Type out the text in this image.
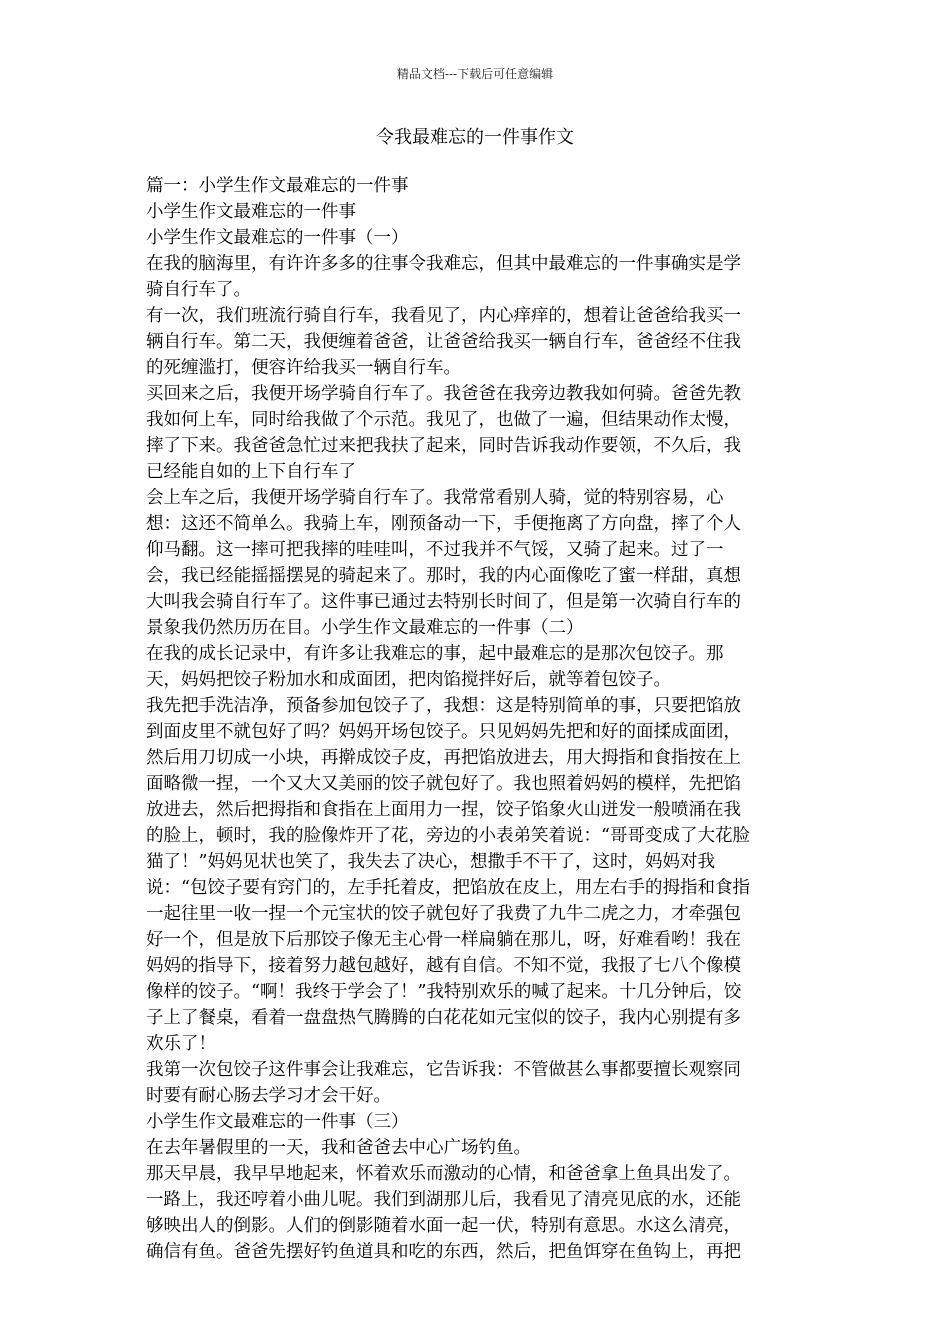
精品文档---下载后可任意编辑
令我最难忘的一件事作文
篇一：小学生作文最难忘的一件事
小学生作文最难忘的一件事
小学生作文最难忘的一件事（一）
在我的脑海里，有许许多多的往事令我难忘，但其中最难忘的一件事确实是学
骑自行车了。
有一次，我们班流行骑自行车，我看见了，内心痒痒的，想着让爸爸给我买一
辆自行车。第二天，我便缠着爸爸，让爸爸给我买一辆自行车，爸爸经不住我
的死缠滥打，便容许给我买一辆自行车。
买回来之后，我便开场学骑自行车了。我爸爸在我旁边教我如何骑。爸爸先教
我如何上车，同时给我做了个示范。我见了，也做了一遍，但结果动作太慢，
摔了下来。我爸爸急忙过来把我扶了起来，同时告诉我动作要领，不久后，我
已经能自如的上下自行车了
会上车之后，我便开场学骑自行车了。我常常看别人骑，觉的特别容易，心
想：这还不简单么。我骑上车，刚预备动一下，手便拖离了方向盘，摔了个人
仰马翻。这一摔可把我摔的哇哇叫，不过我并不气馁，又骑了起来。过了一
会，我已经能摇摇摆晃的骑起来了。那时，我的内心面像吃了蜜一样甜，真想
大叫我会骑自行车了。这件事已通过去特别长时间了，但是第一次骑自行车的
景象我仍然历历在目。小学生作文最难忘的一件事（二）
在我的成长记录中，有许多让我难忘的事，起中最难忘的是那次包饺子。那
天，妈妈把饺子粉加水和成面团，把肉馅搅拌好后，就等着包饺子。
我先把手洗洁净，预备参加包饺子了，我想：这是特别简单的事，只要把馅放
到面皮里不就包好了吗？妈妈开场包饺子。只见妈妈先把和好的面揉成面团，
然后用刀切成一小块，再擀成饺子皮，再把馅放进去，用大拇指和食指按在上
面略微一捏，一个又大又美丽的饺子就包好了。我也照着妈妈的模样，先把馅
放进去，然后把拇指和食指在上面用力一捏，饺子馅象火山迸发一般喷涌在我
的脸上，顿时，我的脸像炸开了花，旁边的小表弟笑着说：“哥哥变成了大花脸
猫了！”妈妈见状也笑了，我失去了决心，想撒手不干了，这时，妈妈对我
说：“包饺子要有窍门的，左手托着皮，把馅放在皮上，用左右手的拇指和食指
一起往里一收一捏一个元宝状的饺子就包好了我费了九牛二虎之力，才牵强包
好一个，但是放下后那饺子像无主心骨一样扁躺在那儿，呀，好难看哟！我在
妈妈的指导下，接着努力越包越好，越有自信。不知不觉，我报了七八个像模
像样的饺子。“啊！我终于学会了！”我特别欢乐的喊了起来。十几分钟后，饺
子上了餐桌，看着一盘盘热气腾腾的白花花如元宝似的饺子，我内心别提有多
欢乐了！
我第一次包饺子这件事会让我难忘，它告诉我：不管做甚么事都要擅长观察同
时要有耐心肠去学习才会干好。
小学生作文最难忘的一件事（三）
在去年暑假里的一天，我和爸爸去中心广场钓鱼。
那天早晨，我早早地起来，怀着欢乐而激动的心情，和爸爸拿上鱼具出发了。
一路上，我还哼着小曲儿呢。我们到湖那儿后，我看见了清亮见底的水，还能
够映出人的倒影。人们的倒影随着水面一起一伏，特别有意思。水这么清亮，
确信有鱼。爸爸先摆好钓鱼道具和吃的东西，然后，把鱼饵穿在鱼钩上，再把
